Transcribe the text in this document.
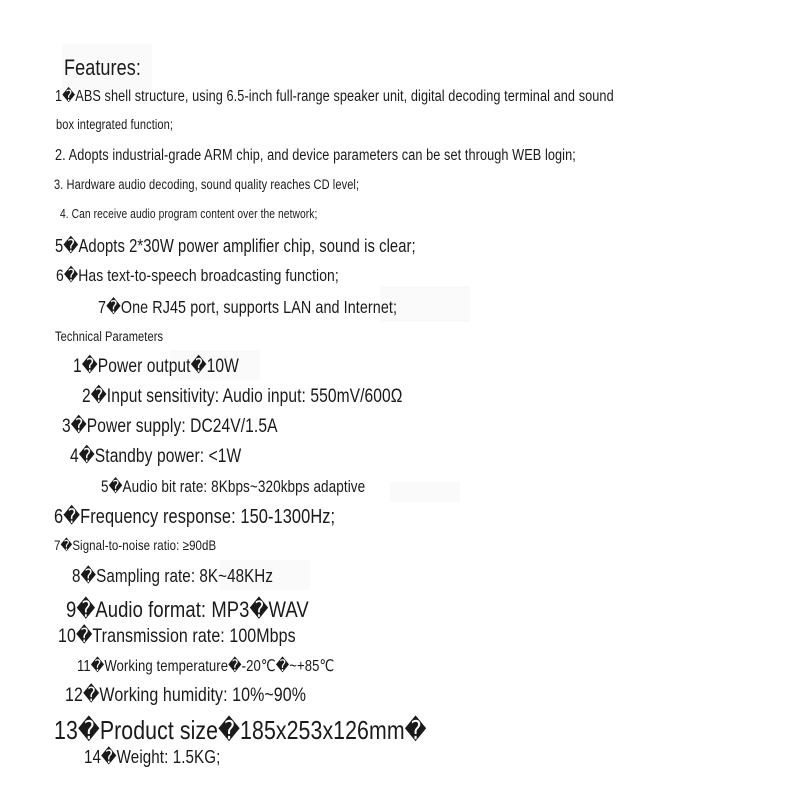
Features:

1�ABS shell structure, using 6.5-inch full-range speaker unit, digital decoding terminal and sound

box integrated function;

2. Adopts industrial-grade ARM chip, and device parameters can be set through WEB login;

3. Hardware audio decoding, sound quality reaches CD level;

4. Can receive audio program content over the network;

5�Adopts 2*30W power amplifier chip, sound is clear;

6�Has text-to-speech broadcasting function;

7�One RJ45 port, supports LAN and Internet;

Technical Parameters

1�Power output�10W

2�Input sensitivity: Audio input: 550mV/600Ω

3�Power supply: DC24V/1.5A

4�Standby power: <1W

5�Audio bit rate: 8Kbps~320kbps adaptive

6�Frequency response: 150-1300Hz;

7�Signal-to-noise ratio: ≥90dB

8�Sampling rate: 8K~48KHz

9�Audio format: MP3�WAV

10�Transmission rate: 100Mbps

11�Working temperature�-20℃�~+85℃

12�Working humidity: 10%~90%

13�Product size�185x253x126mm�

14�Weight: 1.5KG;
